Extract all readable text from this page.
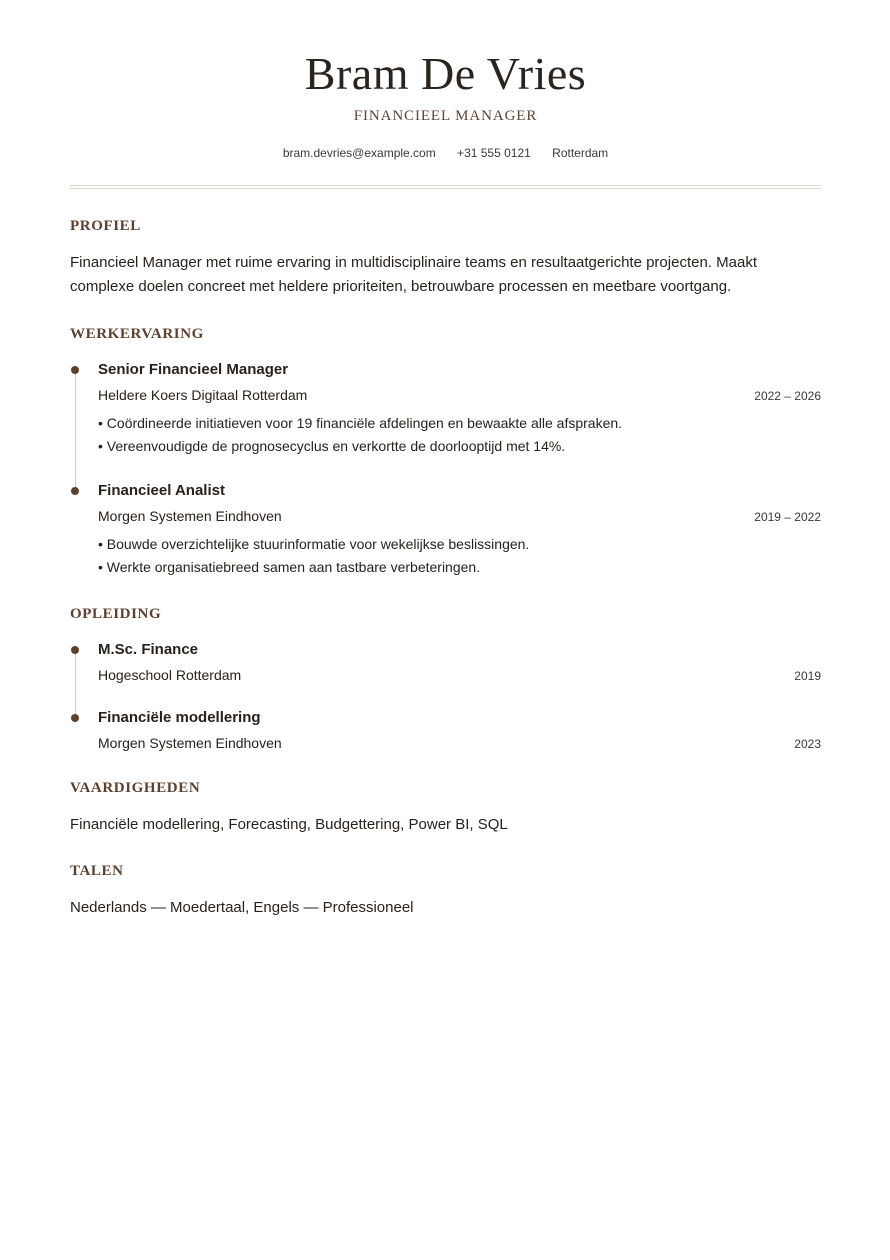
Bram De Vries
FINANCIEEL MANAGER
bram.devries@example.com +31 555 0121 Rotterdam
PROFIEL
Financieel Manager met ruime ervaring in multidisciplinaire teams en resultaatgerichte projecten. Maakt complexe doelen concreet met heldere prioriteiten, betrouwbare processen en meetbare voortgang.
WERKERVARING
Senior Financieel Manager
Heldere Koers Digitaal Rotterdam	2022 – 2026
• Coördineerde initiatieven voor 19 financiële afdelingen en bewaakte alle afspraken.
• Vereenvoudigde de prognosecyclus en verkortte de doorlooptijd met 14%.
Financieel Analist
Morgen Systemen Eindhoven	2019 – 2022
• Bouwde overzichtelijke stuurinformatie voor wekelijkse beslissingen.
• Werkte organisatiebreed samen aan tastbare verbeteringen.
OPLEIDING
M.Sc. Finance
Hogeschool Rotterdam	2019
Financiële modellering
Morgen Systemen Eindhoven	2023
VAARDIGHEDEN
Financiële modellering, Forecasting, Budgettering, Power BI, SQL
TALEN
Nederlands — Moedertaal, Engels — Professioneel
